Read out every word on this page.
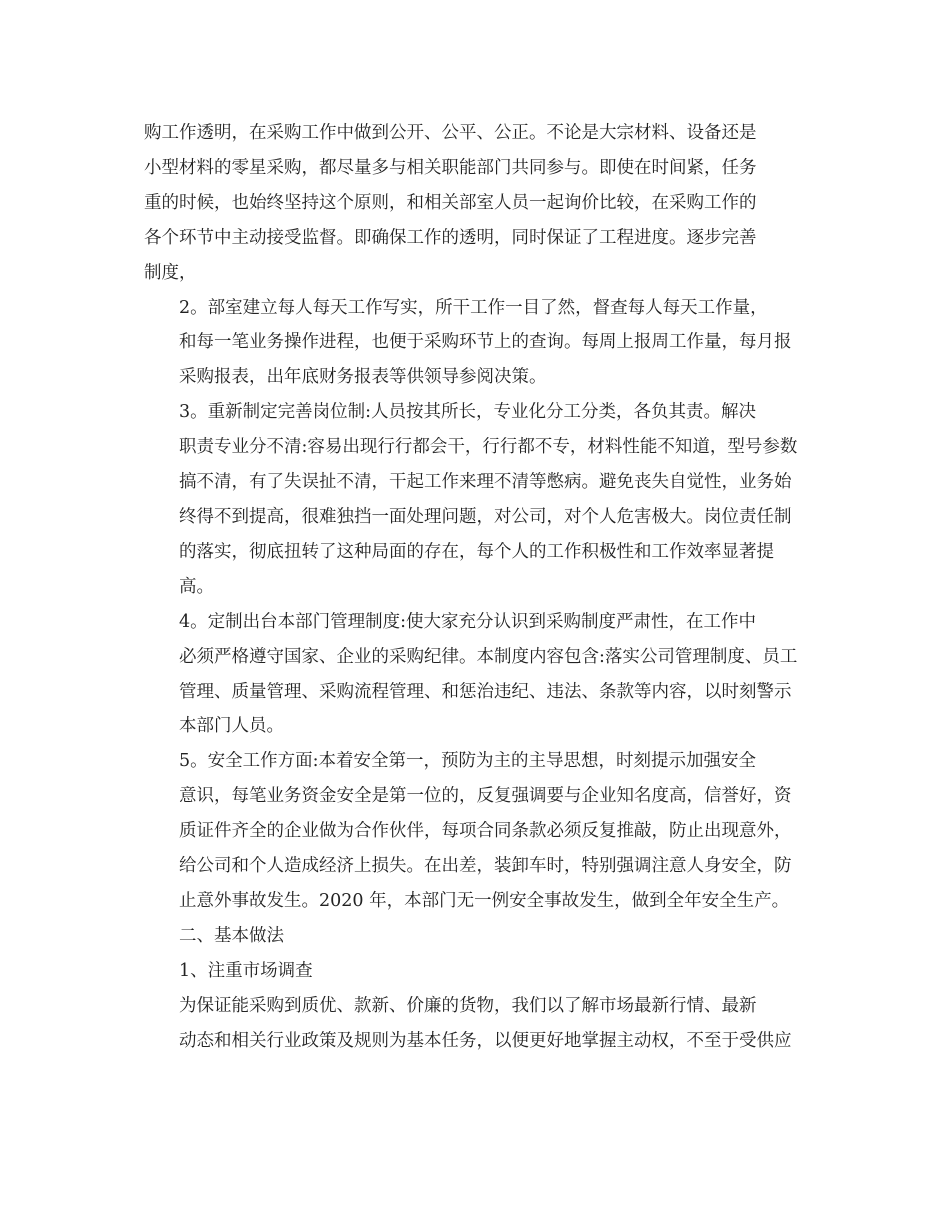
购工作透明，在采购工作中做到公开、公平、公正。不论是大宗材料、设备还是
小型材料的零星采购，都尽量多与相关职能部门共同参与。即使在时间紧，任务
重的时候，也始终坚持这个原则，和相关部室人员一起询价比较，在采购工作的
各个环节中主动接受监督。即确保工作的透明，同时保证了工程进度。逐步完善
制度，
2。部室建立每人每天工作写实，所干工作一目了然，督查每人每天工作量，
和每一笔业务操作进程，也便于采购环节上的查询。每周上报周工作量，每月报
采购报表，出年底财务报表等供领导参阅决策。
3。重新制定完善岗位制:人员按其所长，专业化分工分类，各负其责。解决
职责专业分不清:容易出现行行都会干，行行都不专，材料性能不知道，型号参数
搞不清，有了失误扯不清，干起工作来理不清等憋病。避免丧失自觉性，业务始
终得不到提高，很难独挡一面处理问题，对公司，对个人危害极大。岗位责任制
的落实，彻底扭转了这种局面的存在，每个人的工作积极性和工作效率显著提
高。
4。定制出台本部门管理制度:使大家充分认识到采购制度严肃性，在工作中
必须严格遵守国家、企业的采购纪律。本制度内容包含:落实公司管理制度、员工
管理、质量管理、采购流程管理、和惩治违纪、违法、条款等内容，以时刻警示
本部门人员。
5。安全工作方面:本着安全第一，预防为主的主导思想，时刻提示加强安全
意识，每笔业务资金安全是第一位的，反复强调要与企业知名度高，信誉好，资
质证件齐全的企业做为合作伙伴，每项合同条款必须反复推敲，防止出现意外，
给公司和个人造成经济上损失。在出差，装卸车时，特别强调注意人身安全，防
止意外事故发生。2020 年，本部门无一例安全事故发生，做到全年安全生产。
二、基本做法
1、注重市场调查
为保证能采购到质优、款新、价廉的货物，我们以了解市场最新行情、最新
动态和相关行业政策及规则为基本任务，以便更好地掌握主动权，不至于受供应
